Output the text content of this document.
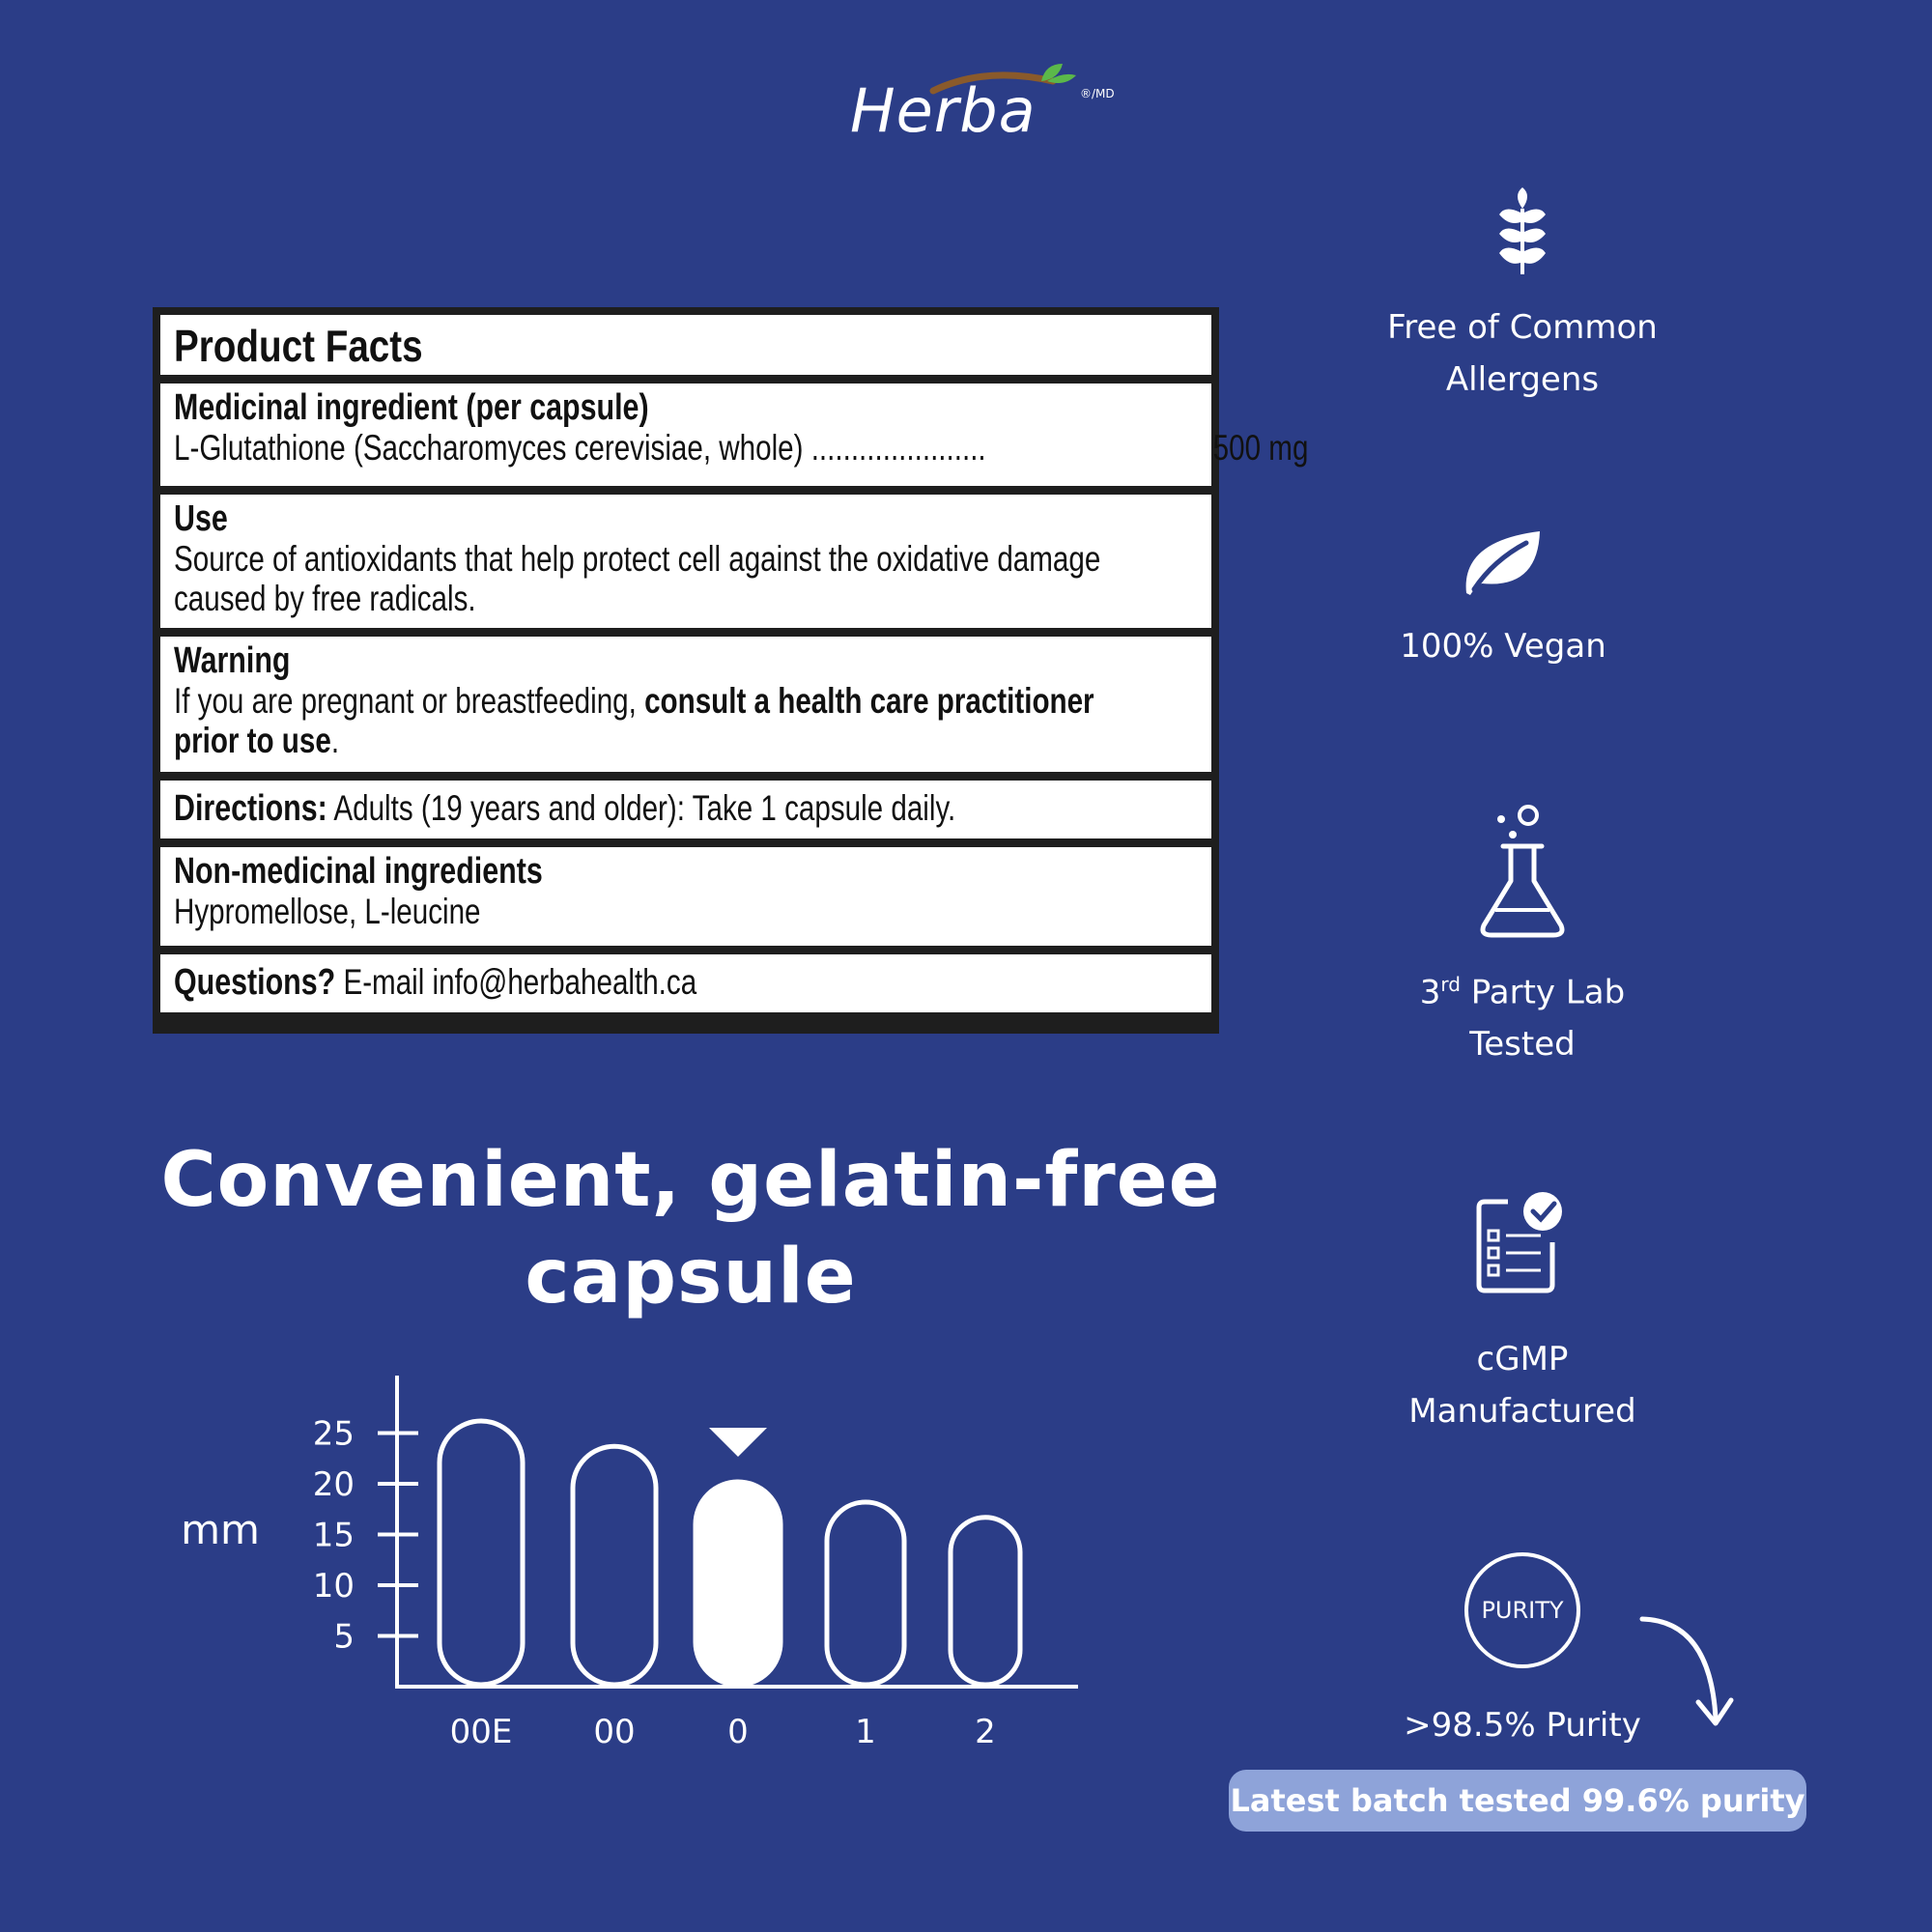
Herba	®/MD
Product Facts
Medicinal ingredient (per capsule)
L-Glutathione (Saccharomyces cerevisiae, whole) ......................	500 mg
Use
Source of antioxidants that help protect cell against the oxidative damage
caused by free radicals.
Warning
If you are pregnant or breastfeeding, consult a health care practitioner
prior to use.
Directions: Adults (19 years and older): Take 1 capsule daily.
Non-medicinal ingredients
Hypromellose, L-leucine
Questions? E-mail info@herbahealth.ca
Convenient, gelatin-free
capsule
mm
5
10
15
20
25
00E 00	0	1	2
Free of Common
Allergens
100% Vegan
3rd Party Lab
Tested
cGMP
Manufactured
PURITY
>98.5% Purity
Latest batch tested 99.6% purity
